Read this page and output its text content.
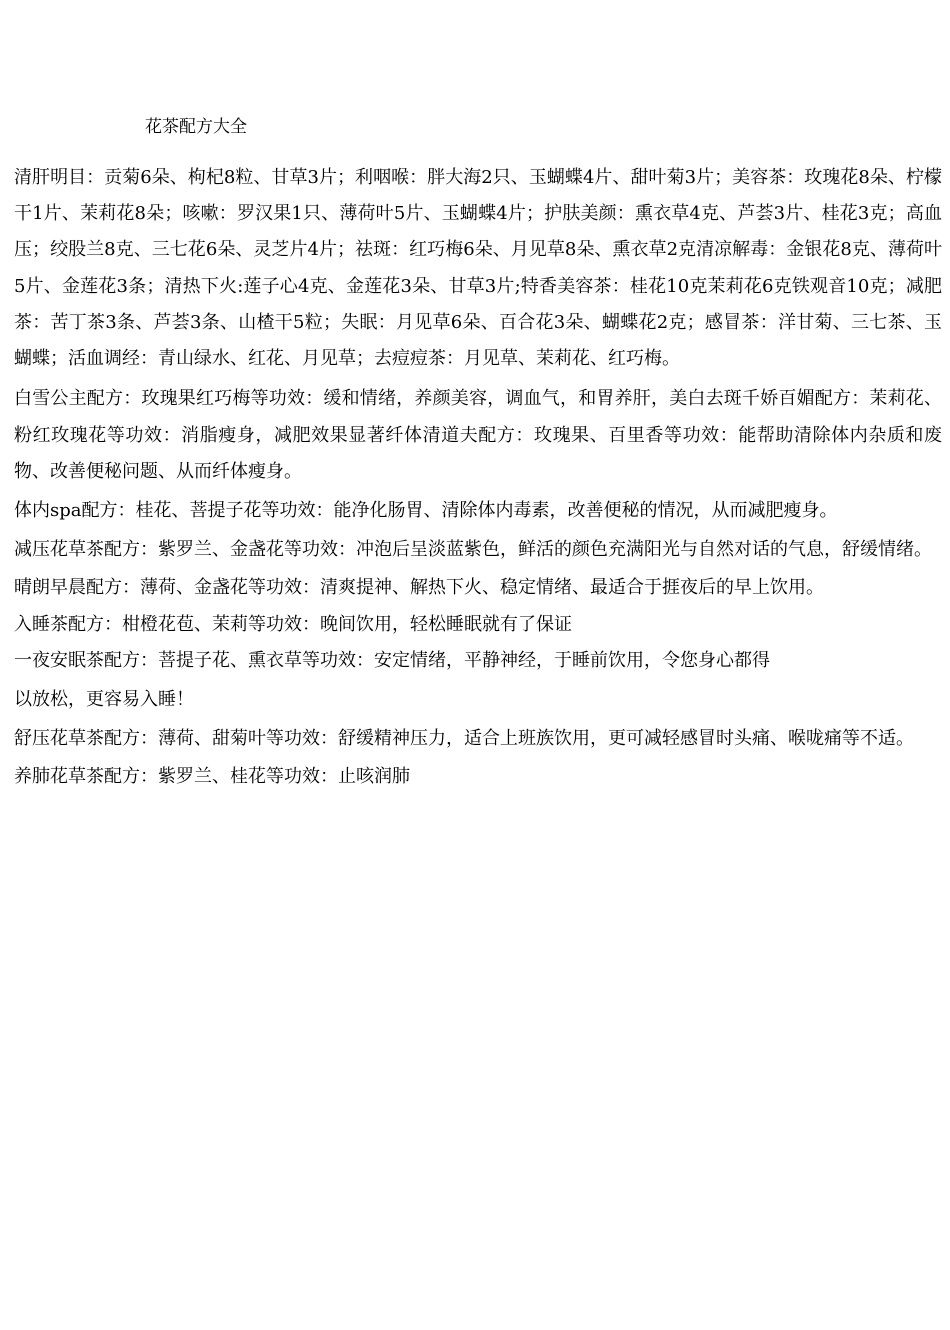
花茶配方大全

清肝明目：贡菊6朵、枸杞8粒、甘草3片；利咽喉：胖大海2只、玉蝴蝶4片、甜叶菊3片；美容茶：玫瑰花8朵、柠檬干1片、茉莉花8朵；咳嗽：罗汉果1只、薄荷叶5片、玉蝴蝶4片；护肤美颜：熏衣草4克、芦荟3片、桂花3克；高血压；绞股兰8克、三七花6朵、灵芝片4片；祛斑：红巧梅6朵、月见草8朵、熏衣草2克清凉解毒：金银花8克、薄荷叶5片、金莲花3条；清热下火:莲子心4克、金莲花3朵、甘草3片;特香美容茶：桂花10克茉莉花6克铁观音10克；减肥茶：苦丁茶3条、芦荟3条、山楂干5粒；失眠：月见草6朵、百合花3朵、蝴蝶花2克；感冒茶：洋甘菊、三七茶、玉蝴蝶；活血调经：青山绿水、红花、月见草；去痘痘茶：月见草、茉莉花、红巧梅。

白雪公主配方：玫瑰果红巧梅等功效：缓和情绪，养颜美容，调血气，和胃养肝，美白去斑千娇百媚配方：茉莉花、粉红玫瑰花等功效：消脂瘦身，减肥效果显著纤体清道夫配方：玫瑰果、百里香等功效：能帮助清除体内杂质和废物、改善便秘问题、从而纤体瘦身。

体内spa配方：桂花、菩提子花等功效：能净化肠胃、清除体内毒素，改善便秘的情况，从而减肥瘦身。

减压花草茶配方：紫罗兰、金盏花等功效：冲泡后呈淡蓝紫色，鲜活的颜色充满阳光与自然对话的气息，舒缓情绪。

晴朗早晨配方：薄荷、金盏花等功效：清爽提神、解热下火、稳定情绪、最适合于捱夜后的早上饮用。

入睡茶配方：柑橙花苞、茉莉等功效：晚间饮用，轻松睡眠就有了保证

一夜安眠茶配方：菩提子花、熏衣草等功效：安定情绪，平静神经，于睡前饮用，令您身心都得

以放松，更容易入睡！

舒压花草茶配方：薄荷、甜菊叶等功效：舒缓精神压力，适合上班族饮用，更可减轻感冒时头痛、喉咙痛等不适。

养肺花草茶配方：紫罗兰、桂花等功效：止咳润肺
